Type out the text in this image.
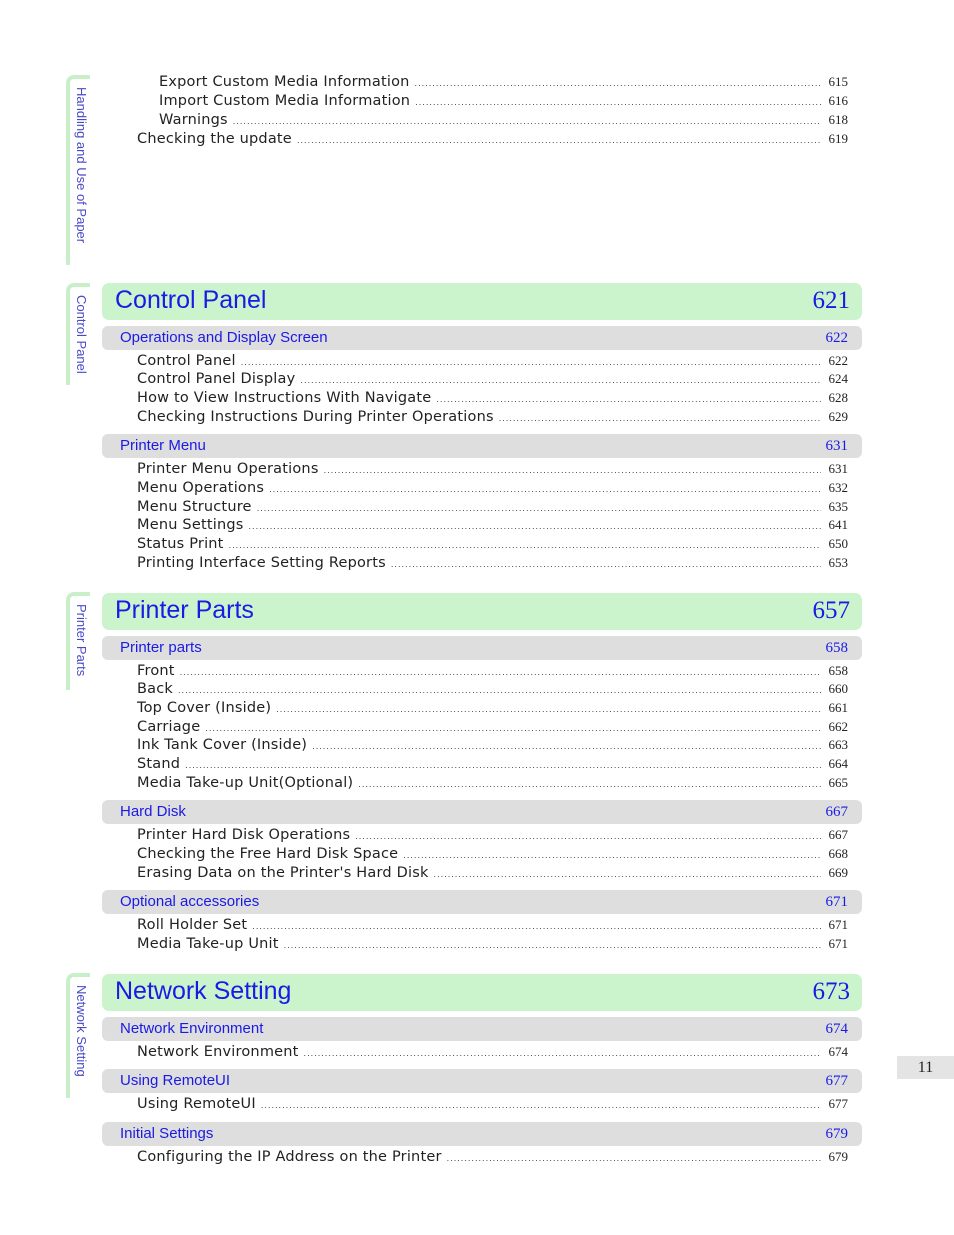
Handling and Use of Paper
Control Panel
Printer Parts
Network Setting
Export Custom Media Information .....	615
Import Custom Media Information .....	616
Warnings .....	618
Checking the update .....	619
Control Panel	621
Operations and Display Screen	622
Control Panel .....	622
Control Panel Display .....	624
How to View Instructions With Navigate .....	628
Checking Instructions During Printer Operations .....	629
Printer Menu	631
Printer Menu Operations .....	631
Menu Operations .....	632
Menu Structure .....	635
Menu Settings .....	641
Status Print .....	650
Printing Interface Setting Reports .....	653
Printer Parts	657
Printer parts	658
Front .....	658
Back .....	660
Top Cover (Inside) .....	661
Carriage .....	662
Ink Tank Cover (Inside) .....	663
Stand .....	664
Media Take-up Unit(Optional) .....	665
Hard Disk	667
Printer Hard Disk Operations .....	667
Checking the Free Hard Disk Space .....	668
Erasing Data on the Printer's Hard Disk .....	669
Optional accessories	671
Roll Holder Set .....	671
Media Take-up Unit .....	671
Network Setting	673
Network Environment	674
Network Environment .....	674
Using RemoteUI	677
Using RemoteUI .....	677
Initial Settings	679
Configuring the IP Address on the Printer .....	679
11
